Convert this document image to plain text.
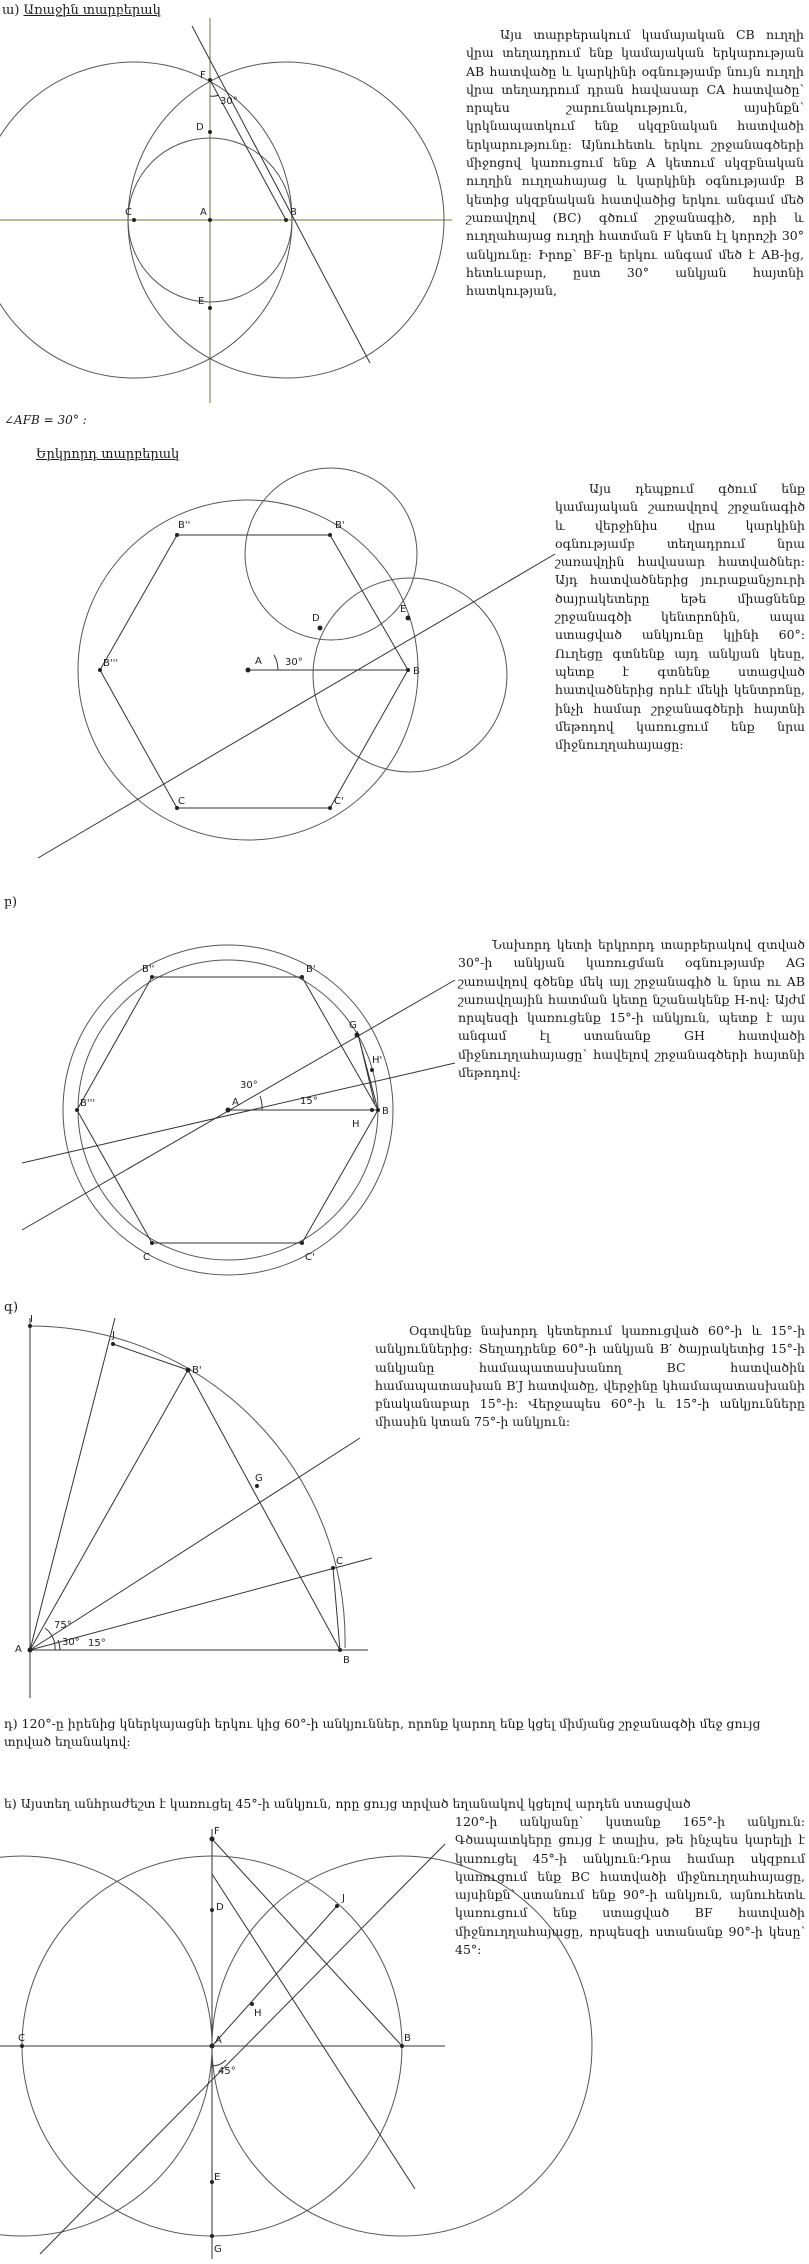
ա) Առաջին տարբերակ
F
D
C	A	B
E
30°
Այս տարբերակում կամայական CB ուղղի վրա տեղադրում ենք կամայական երկարության AB հատվածը և կարկինի օգնությամբ նույն ուղղի վրա տեղադրում դրան հավասար CA հատվածը՝ որպես շարունակություն, այսինքն՝ կրկնապատկում ենք սկզբնական հատվածի երկարությունը: Այնուհետև երկու շրջանագծերի միջոցով կառուցում ենք A կետում սկզբնական ուղղին ուղղահայաց և կարկինի օգնությամբ B կետից սկզբնական հատվածից երկու անգամ մեծ շառավղով (BC) գծում շրջանագիծ, որի և ուղղահայաց ուղղի հատման F կետն էլ կորոշի 30° անկյունը: Իրոք՝ BF-ը երկու անգամ մեծ է AB-ից, հետևաբար, ըստ 30° անկյան հայտնի հատկության,
∠AFB = 30° :
Երկրորդ տարբերակ
B''	B'
B'''
E
D
A
B
C	C'
30°
Այս դեպքում գծում ենք կամայական շառավղով շրջանագիծ և վերջինիս վրա կարկինի օգնությամբ տեղադրում նրա շառավղին հավասար հատվածներ: Այդ հատվածներից յուրաքանչյուրի ծայրակետերը եթե միացնենք շրջանագծի կենտրոնին, ապա ստացված անկյունը կլինի 60°: Ուղեցը գտնենք այդ անկյան կեսը, պետք է գտնենք ստացված հատվածներից որևէ մեկի կենտրոնը, ինչի համար շրջանագծերի հայտնի մեթոդով կառուցում ենք նրա միջնուղղահայացը:
բ)
B''	B'
G
H'
B'''	A
B
H
C	C'
30°
15°
Նախորդ կետի երկրորդ տարբերակով զտված 30°-ի անկյան կառուցման օգնությամբ AG շառավղով գծենք մեկ այլ շրջանագիծ և նրա ու AB շառավղային հատման կետը նշանակենք H-ով: Այժմ որպեսզի կառուցենք 15°-ի անկյուն, պետք է այս անգամ էլ ստանանք GH հատվածի միջնուղղահայացը՝ հավելով շրջանագծերի հայտնի մեթոդով:
գ)
I
J
B'
G
C
A
B
75°
30° 15°
Օգտվենք նախորդ կետերում կառուցված 60°-ի և 15°-ի անկյուններից: Տեղադրենք 60°-ի անկյան B′ ծայրակետից 15°-ի անկյանը համապատասխանող BC հատվածին համապատասխան B′J հատվածը, վերջինը կհամապատասխանի բնականաբար 15°-ի: Վերջապես 60°-ի և 15°-ի անկյունները միասին կտան 75°-ի անկյուն:
դ) 120°-ը իրենից կներկայացնի երկու կից 60°-ի անկյուններ, որոնք կարող ենք կցել միմյանց շրջանագծի մեջ ցույց տրված եղանակով:
ե) Այստեղ անհրաժեշտ է կառուցել 45°-ի անկյուն, որը ցույց տրված եղանակով կցելով արդեն ստացված
F
D
J
H
C	A	B
E
G
45°
120°-ի անկյանը՝ կստանք 165°-ի անկյուն: Գծապատկերը ցույց է տալիս, թե ինչպես կարելի է կառուցել 45°-ի անկյուն:Դրա համար սկզբում կառուցում ենք BC հատվածի միջնուղղահայացը, այսինքն՝ ստանում ենք 90°-ի անկյուն, այնուհետև կառուցում ենք ստացված BF հատվածի միջնուղղահայացը, որպեսզի ստանանք 90°-ի կեսը՝ 45°:
